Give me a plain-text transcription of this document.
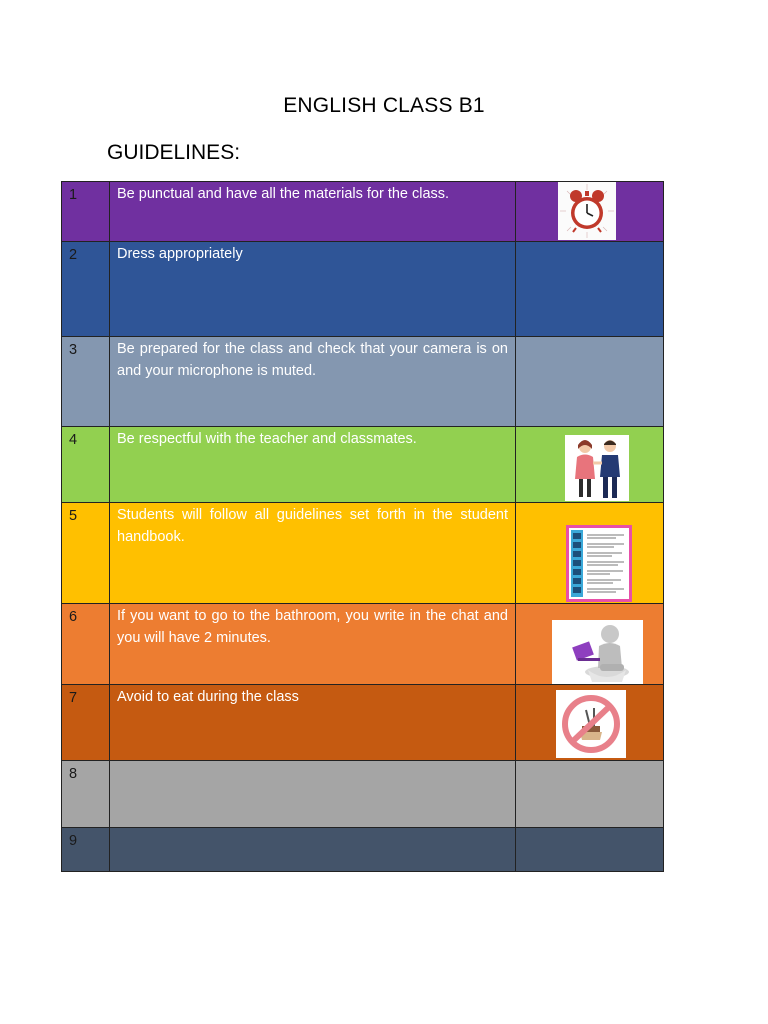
ENGLISH CLASS B1
GUIDELINES:
1	Be punctual and have all the materials for the class.	

2	Dress appropriately	
3	Be prepared for the class and check that your camera is on and your microphone is muted.	
4	Be respectful with the teacher and classmates.	

5	Students will follow all guidelines set forth in the student handbook.	

6	If you want to go to the bathroom, you write in the chat and you will have 2 minutes.	

7	Avoid to eat during the class	

8		
9		
